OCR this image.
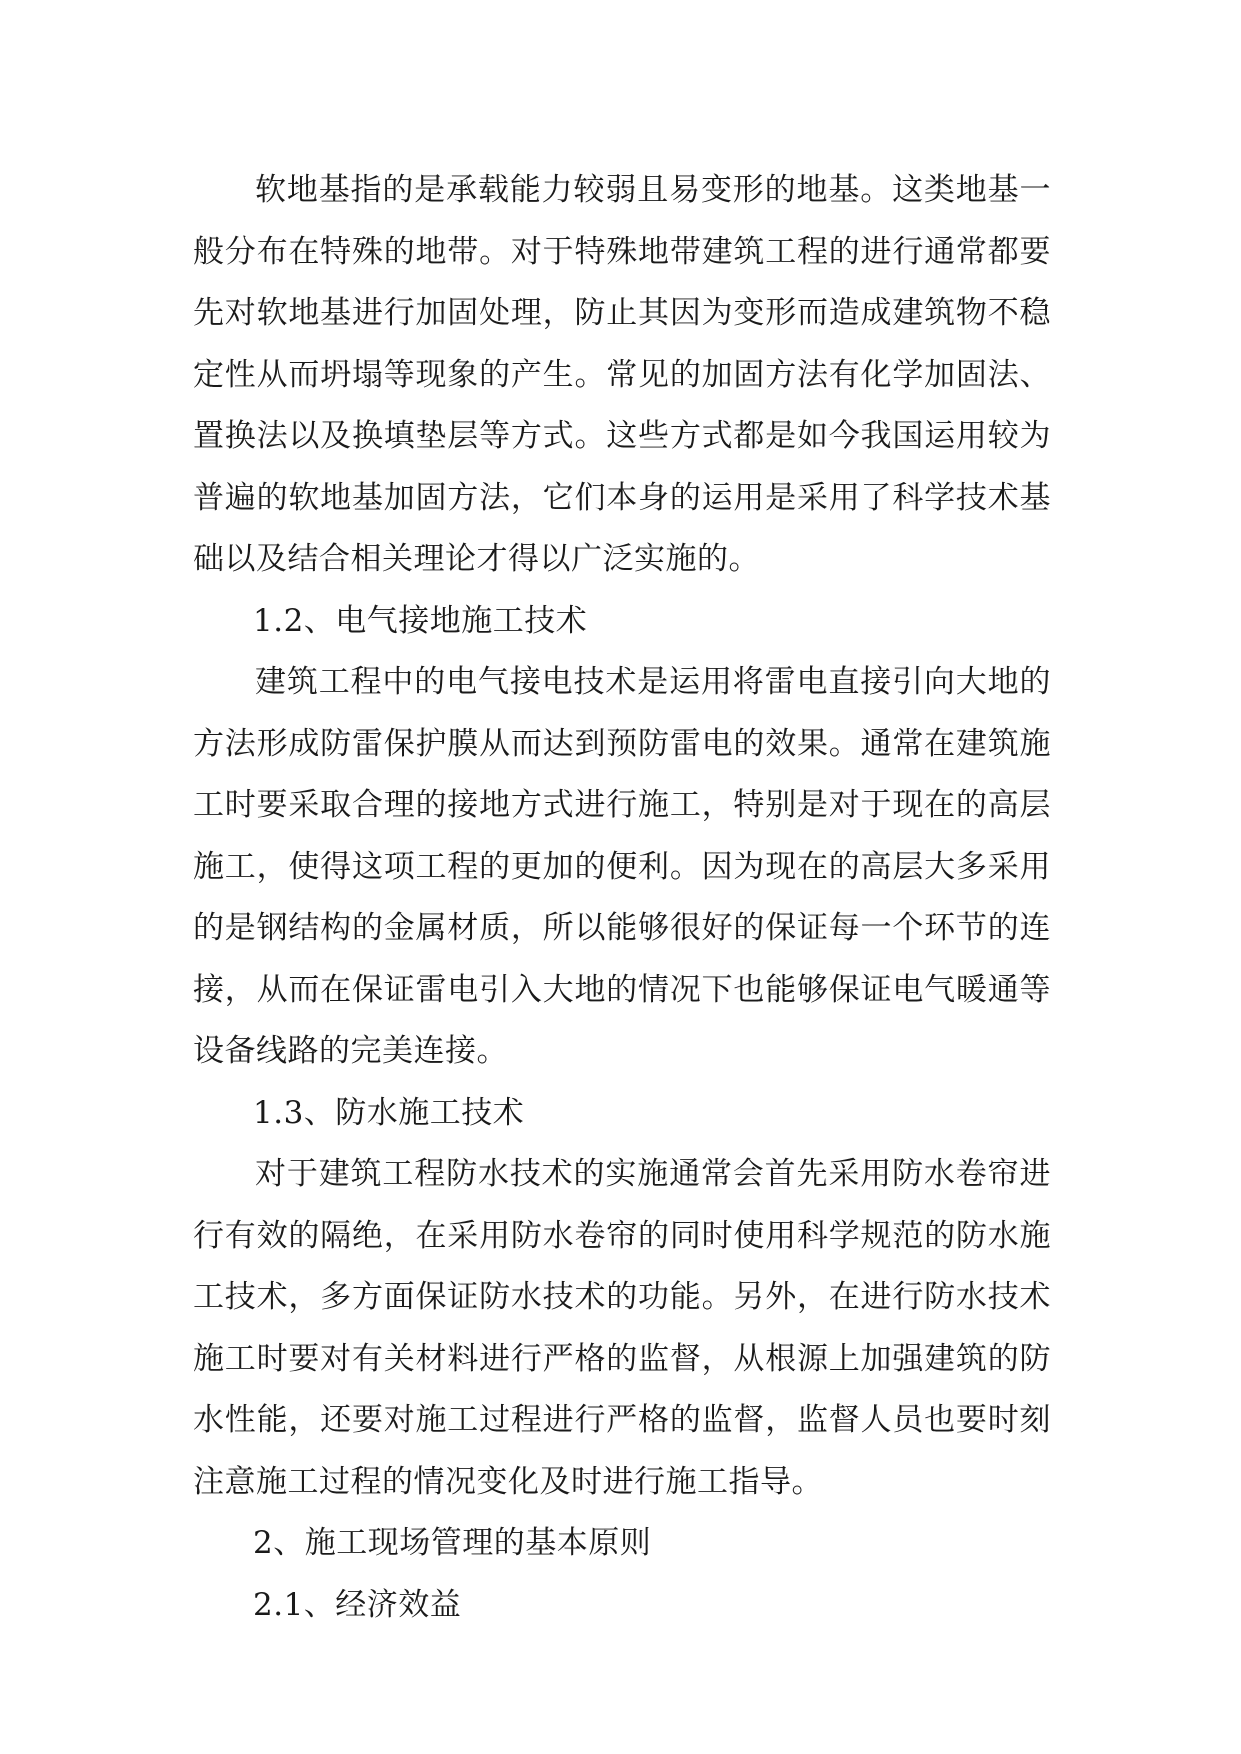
软地基指的是承载能力较弱且易变形的地基。这类地基一般分布在特殊的地带。对于特殊地带建筑工程的进行通常都要先对软地基进行加固处理，防止其因为变形而造成建筑物不稳定性从而坍塌等现象的产生。常见的加固方法有化学加固法、置换法以及换填垫层等方式。这些方式都是如今我国运用较为普遍的软地基加固方法，它们本身的运用是采用了科学技术基础以及结合相关理论才得以广泛实施的。

1.2、电气接地施工技术

建筑工程中的电气接电技术是运用将雷电直接引向大地的方法形成防雷保护膜从而达到预防雷电的效果。通常在建筑施工时要采取合理的接地方式进行施工，特别是对于现在的高层施工，使得这项工程的更加的便利。因为现在的高层大多采用的是钢结构的金属材质，所以能够很好的保证每一个环节的连接，从而在保证雷电引入大地的情况下也能够保证电气暖通等设备线路的完美连接。

1.3、防水施工技术

对于建筑工程防水技术的实施通常会首先采用防水卷帘进行有效的隔绝，在采用防水卷帘的同时使用科学规范的防水施工技术，多方面保证防水技术的功能。另外，在进行防水技术施工时要对有关材料进行严格的监督，从根源上加强建筑的防水性能，还要对施工过程进行严格的监督，监督人员也要时刻注意施工过程的情况变化及时进行施工指导。

2、施工现场管理的基本原则

2.1、经济效益
